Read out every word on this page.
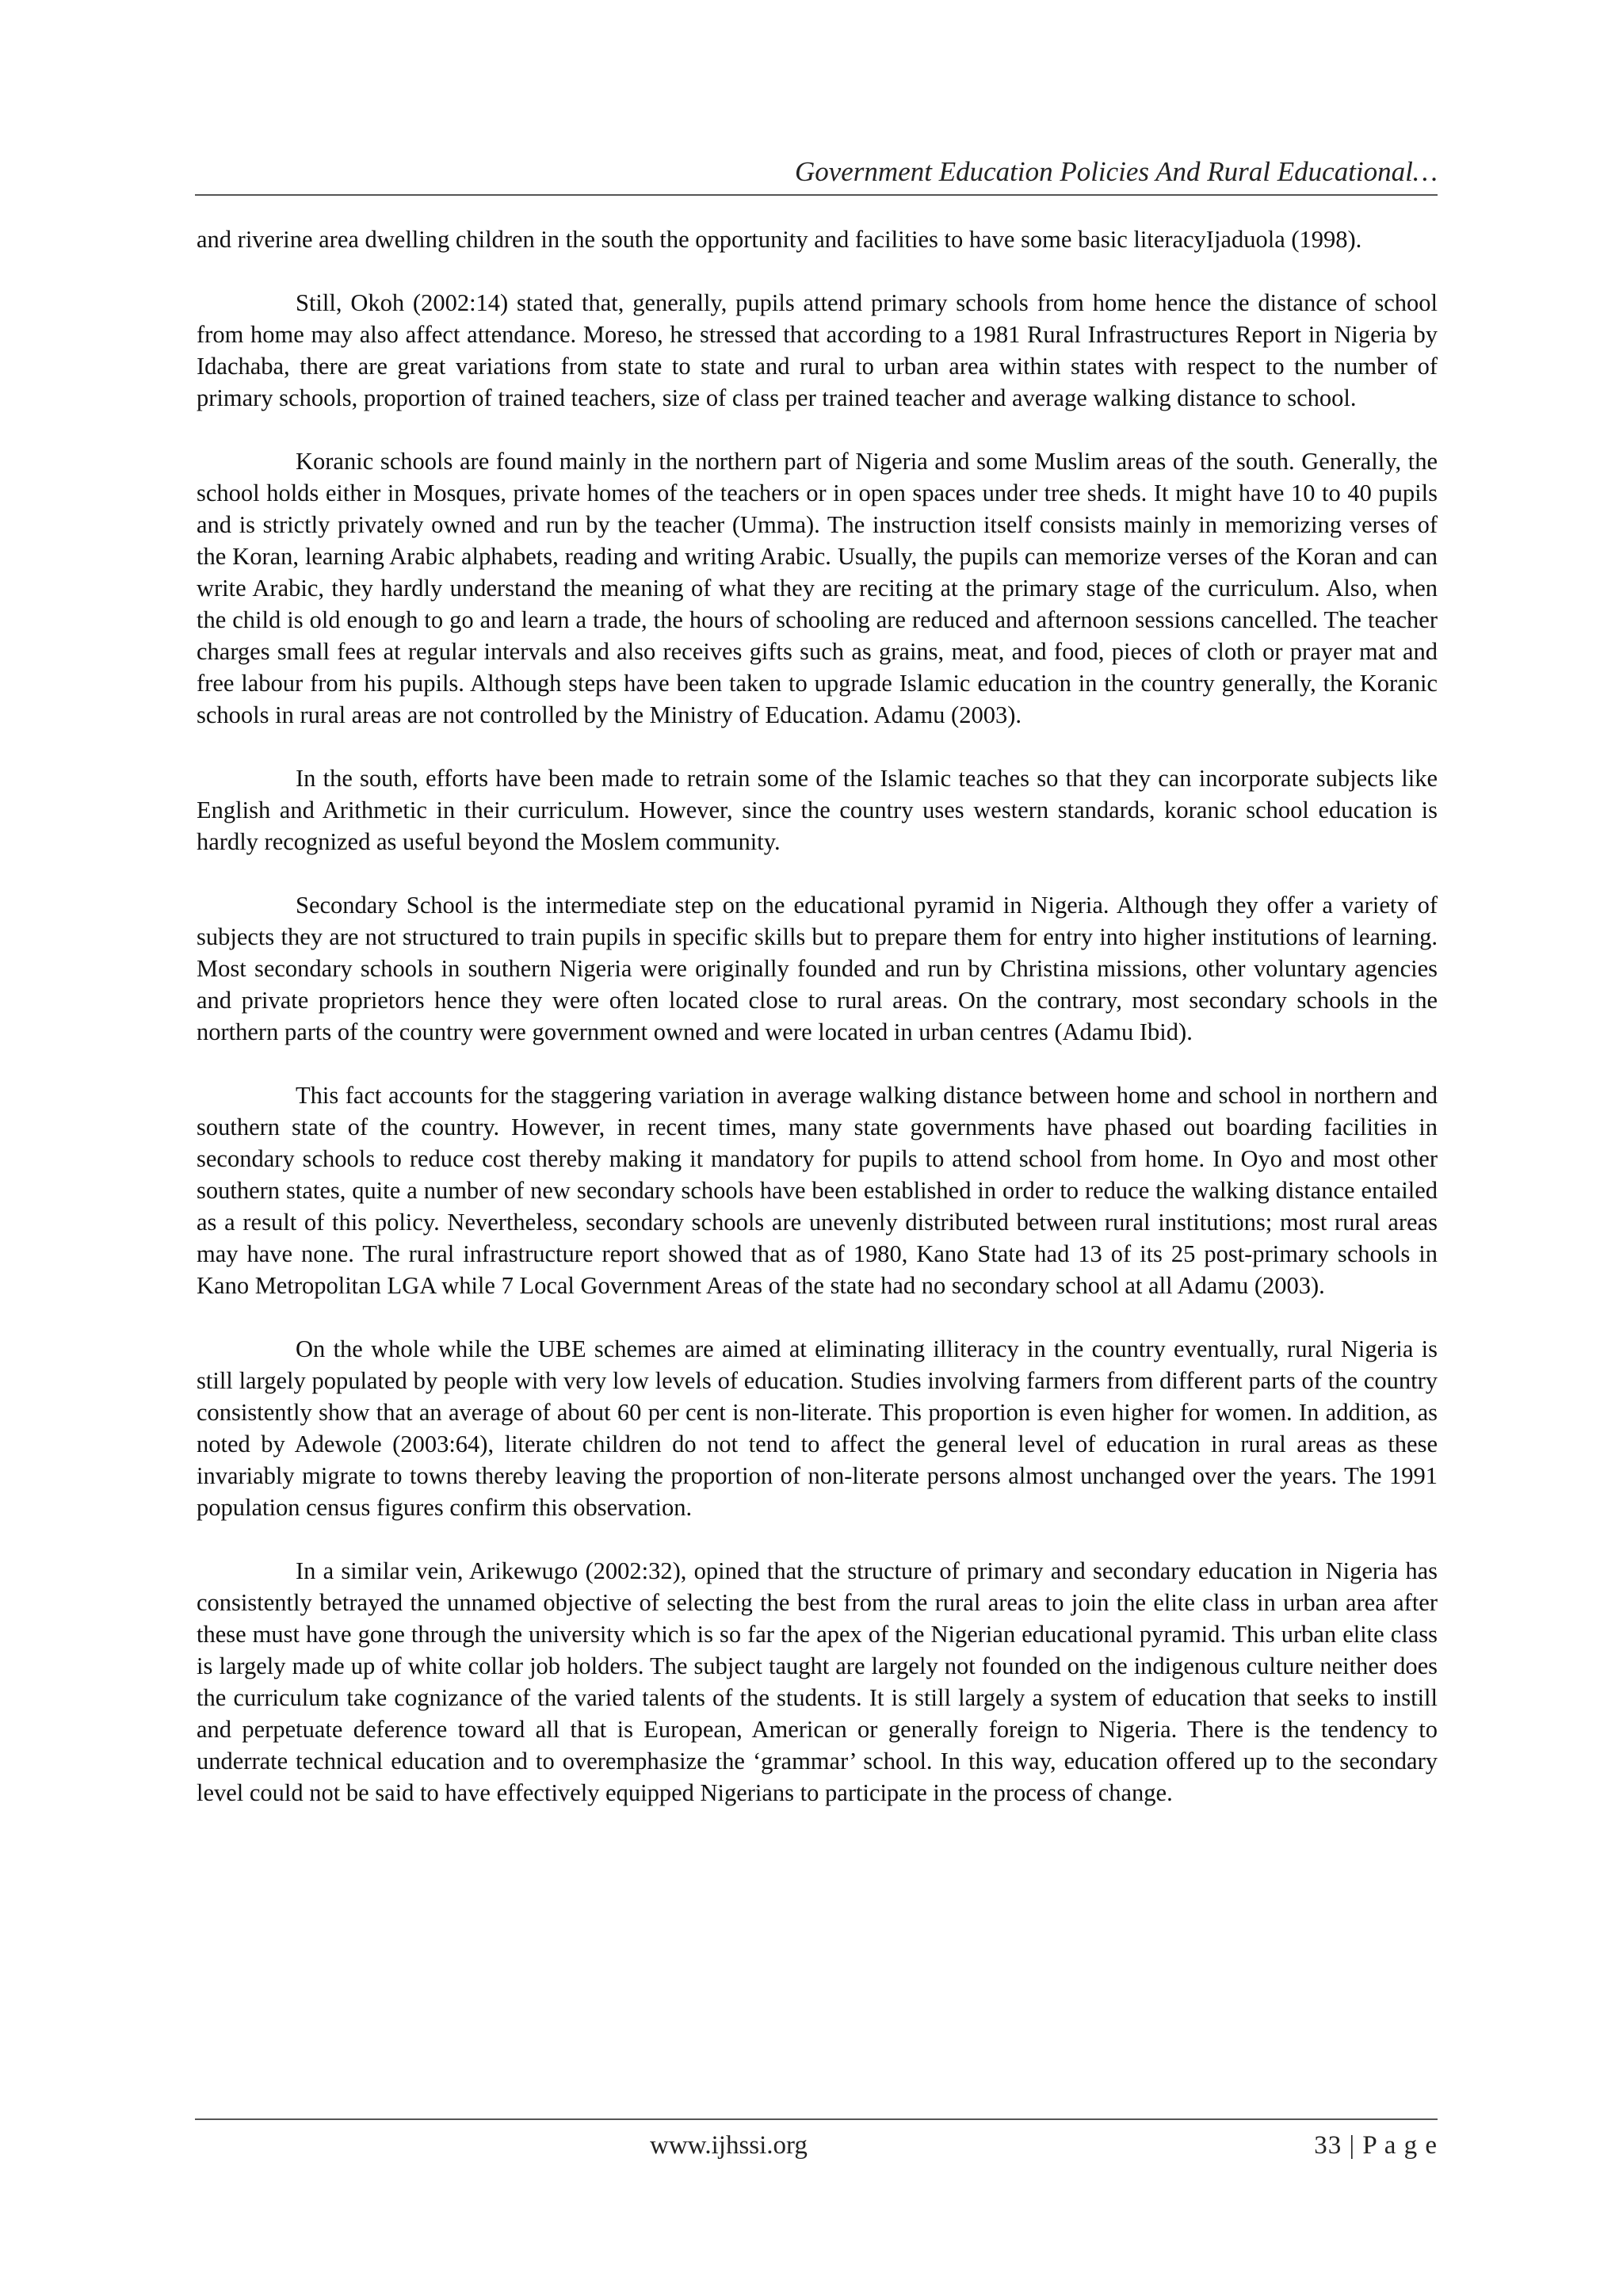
Government Education Policies And Rural Educational…

and riverine area dwelling children in the south the opportunity and facilities to have some basic literacyIjaduola (1998).

Still, Okoh (2002:14) stated that, generally, pupils attend primary schools from home hence the distance of school from home may also affect attendance. Moreso, he stressed that according to a 1981 Rural Infrastructures Report in Nigeria by Idachaba, there are great variations from state to state and rural to urban area within states with respect to the number of primary schools, proportion of trained teachers, size of class per trained teacher and average walking distance to school.

Koranic schools are found mainly in the northern part of Nigeria and some Muslim areas of the south. Generally, the school holds either in Mosques, private homes of the teachers or in open spaces under tree sheds. It might have 10 to 40 pupils and is strictly privately owned and run by the teacher (Umma). The instruction itself consists mainly in memorizing verses of the Koran, learning Arabic alphabets, reading and writing Arabic. Usually, the pupils can memorize verses of the Koran and can write Arabic, they hardly understand the meaning of what they are reciting at the primary stage of the curriculum. Also, when the child is old enough to go and learn a trade, the hours of schooling are reduced and afternoon sessions cancelled. The teacher charges small fees at regular intervals and also receives gifts such as grains, meat, and food, pieces of cloth or prayer mat and free labour from his pupils. Although steps have been taken to upgrade Islamic education in the country generally, the Koranic schools in rural areas are not controlled by the Ministry of Education. Adamu (2003).

In the south, efforts have been made to retrain some of the Islamic teaches so that they can incorporate subjects like English and Arithmetic in their curriculum. However, since the country uses western standards, koranic school education is hardly recognized as useful beyond the Moslem community.

Secondary School is the intermediate step on the educational pyramid in Nigeria. Although they offer a variety of subjects they are not structured to train pupils in specific skills but to prepare them for entry into higher institutions of learning. Most secondary schools in southern Nigeria were originally founded and run by Christina missions, other voluntary agencies and private proprietors hence they were often located close to rural areas. On the contrary, most secondary schools in the northern parts of the country were government owned and were located in urban centres (Adamu Ibid).

This fact accounts for the staggering variation in average walking distance between home and school in northern and southern state of the country. However, in recent times, many state governments have phased out boarding facilities in secondary schools to reduce cost thereby making it mandatory for pupils to attend school from home. In Oyo and most other southern states, quite a number of new secondary schools have been established in order to reduce the walking distance entailed as a result of this policy. Nevertheless, secondary schools are unevenly distributed between rural institutions; most rural areas may have none. The rural infrastructure report showed that as of 1980, Kano State had 13 of its 25 post-primary schools in Kano Metropolitan LGA while 7 Local Government Areas of the state had no secondary school at all Adamu (2003).

On the whole while the UBE schemes are aimed at eliminating illiteracy in the country eventually, rural Nigeria is still largely populated by people with very low levels of education. Studies involving farmers from different parts of the country consistently show that an average of about 60 per cent is non-literate. This proportion is even higher for women. In addition, as noted by Adewole (2003:64), literate children do not tend to affect the general level of education in rural areas as these invariably migrate to towns thereby leaving the proportion of non-literate persons almost unchanged over the years. The 1991 population census figures confirm this observation.

In a similar vein, Arikewugo (2002:32), opined that the structure of primary and secondary education in Nigeria has consistently betrayed the unnamed objective of selecting the best from the rural areas to join the elite class in urban area after these must have gone through the university which is so far the apex of the Nigerian educational pyramid. This urban elite class is largely made up of white collar job holders. The subject taught are largely not founded on the indigenous culture neither does the curriculum take cognizance of the varied talents of the students. It is still largely a system of education that seeks to instill and perpetuate deference toward all that is European, American or generally foreign to Nigeria. There is the tendency to underrate technical education and to overemphasize the ‘grammar’ school. In this way, education offered up to the secondary level could not be said to have effectively equipped Nigerians to participate in the process of change.

www.ijhssi.org	33 | P a g e
